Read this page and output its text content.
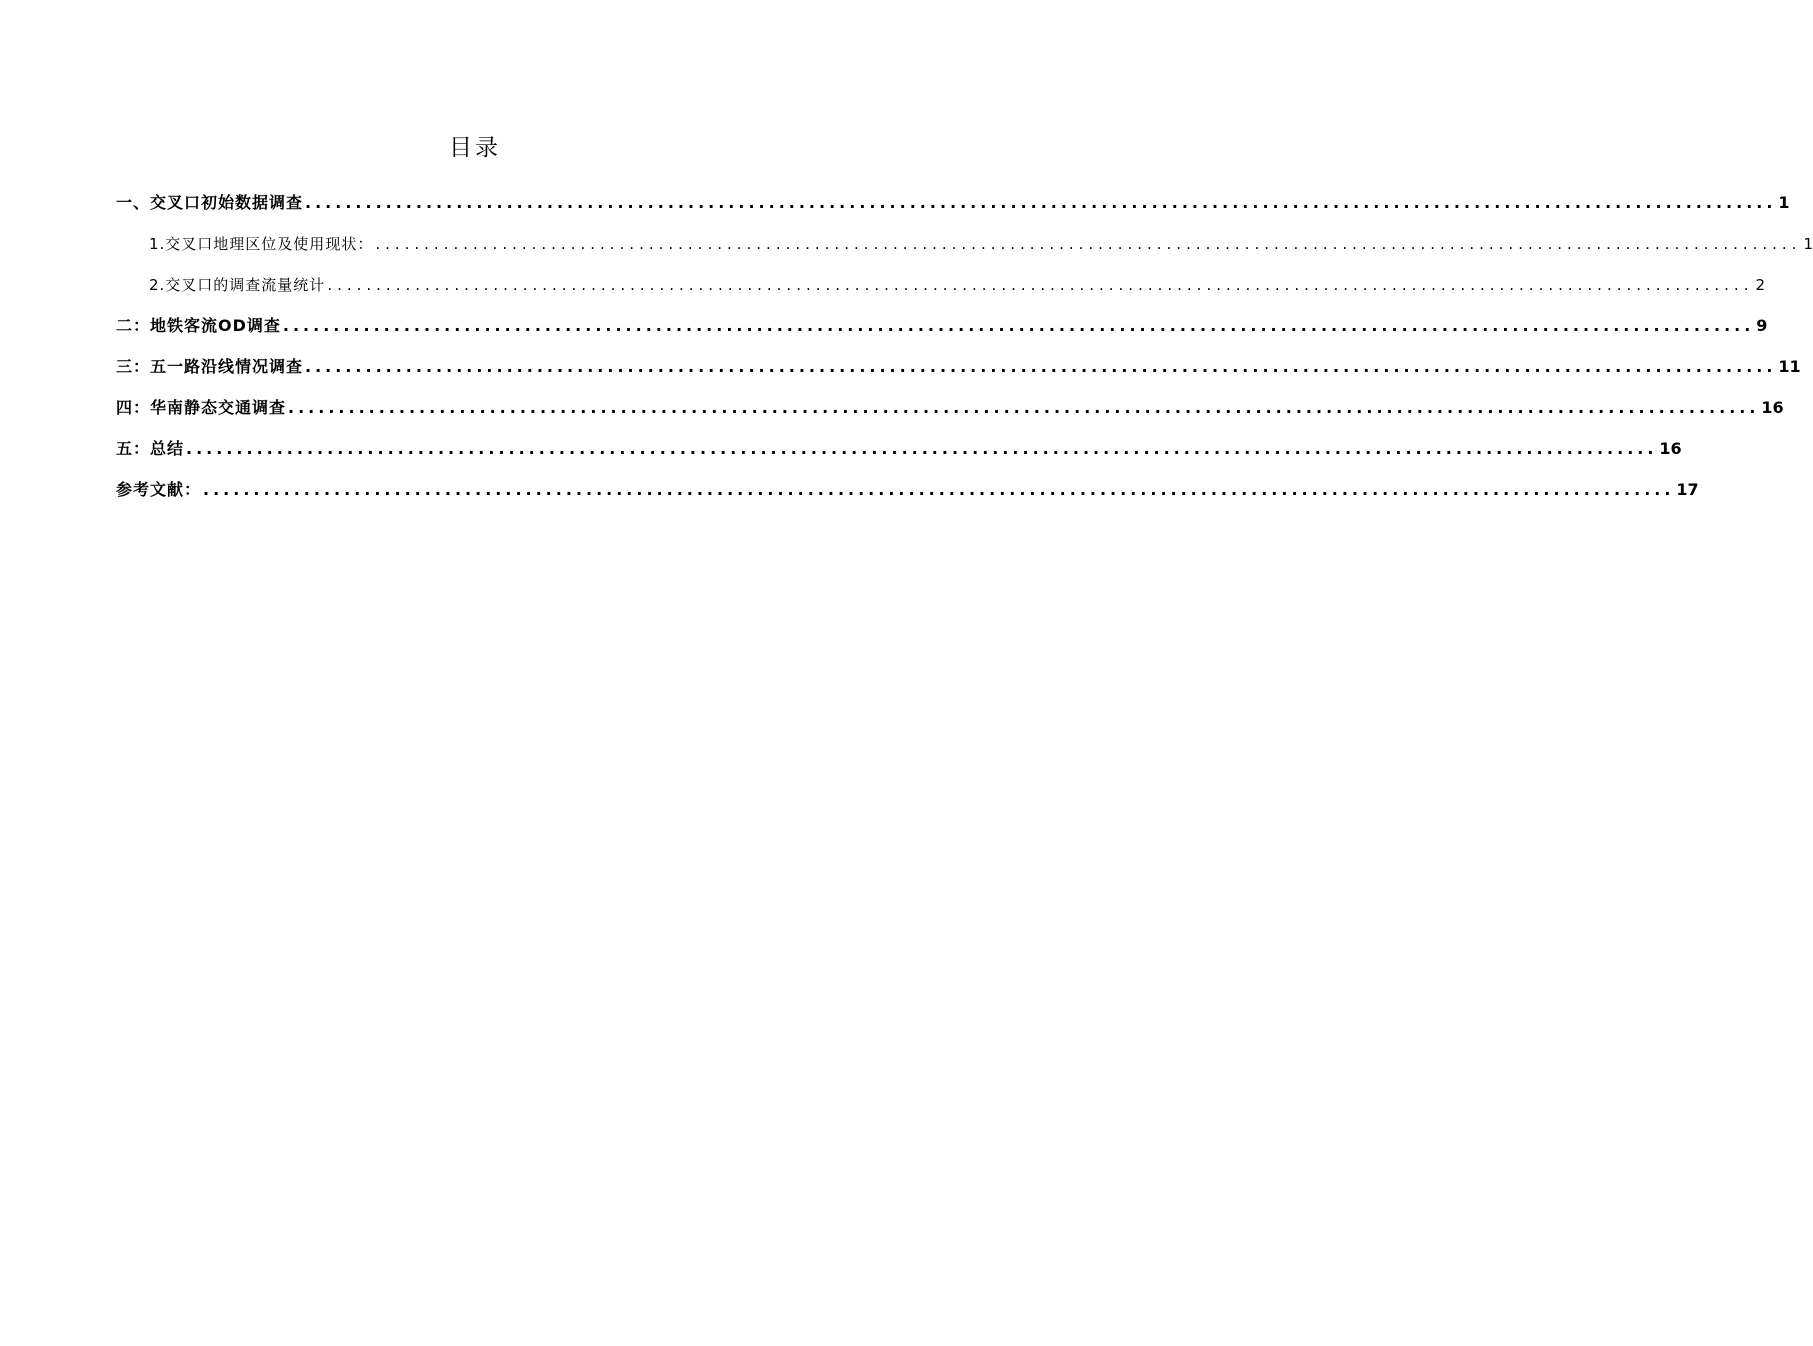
目录
一、交叉口初始数据调查 .................................................................................................................................................. 1
1.交叉口地理区位及使用现状： .................................................................................................................................................. 1
2.交叉口的调查流量统计 .................................................................................................................................................. 2
二：地铁客流OD调查 .................................................................................................................................................. 9
三：五一路沿线情况调查 .................................................................................................................................................. 11
四：华南静态交通调查 .................................................................................................................................................. 16
五：总结 .................................................................................................................................................. 16
参考文献： .................................................................................................................................................. 17
